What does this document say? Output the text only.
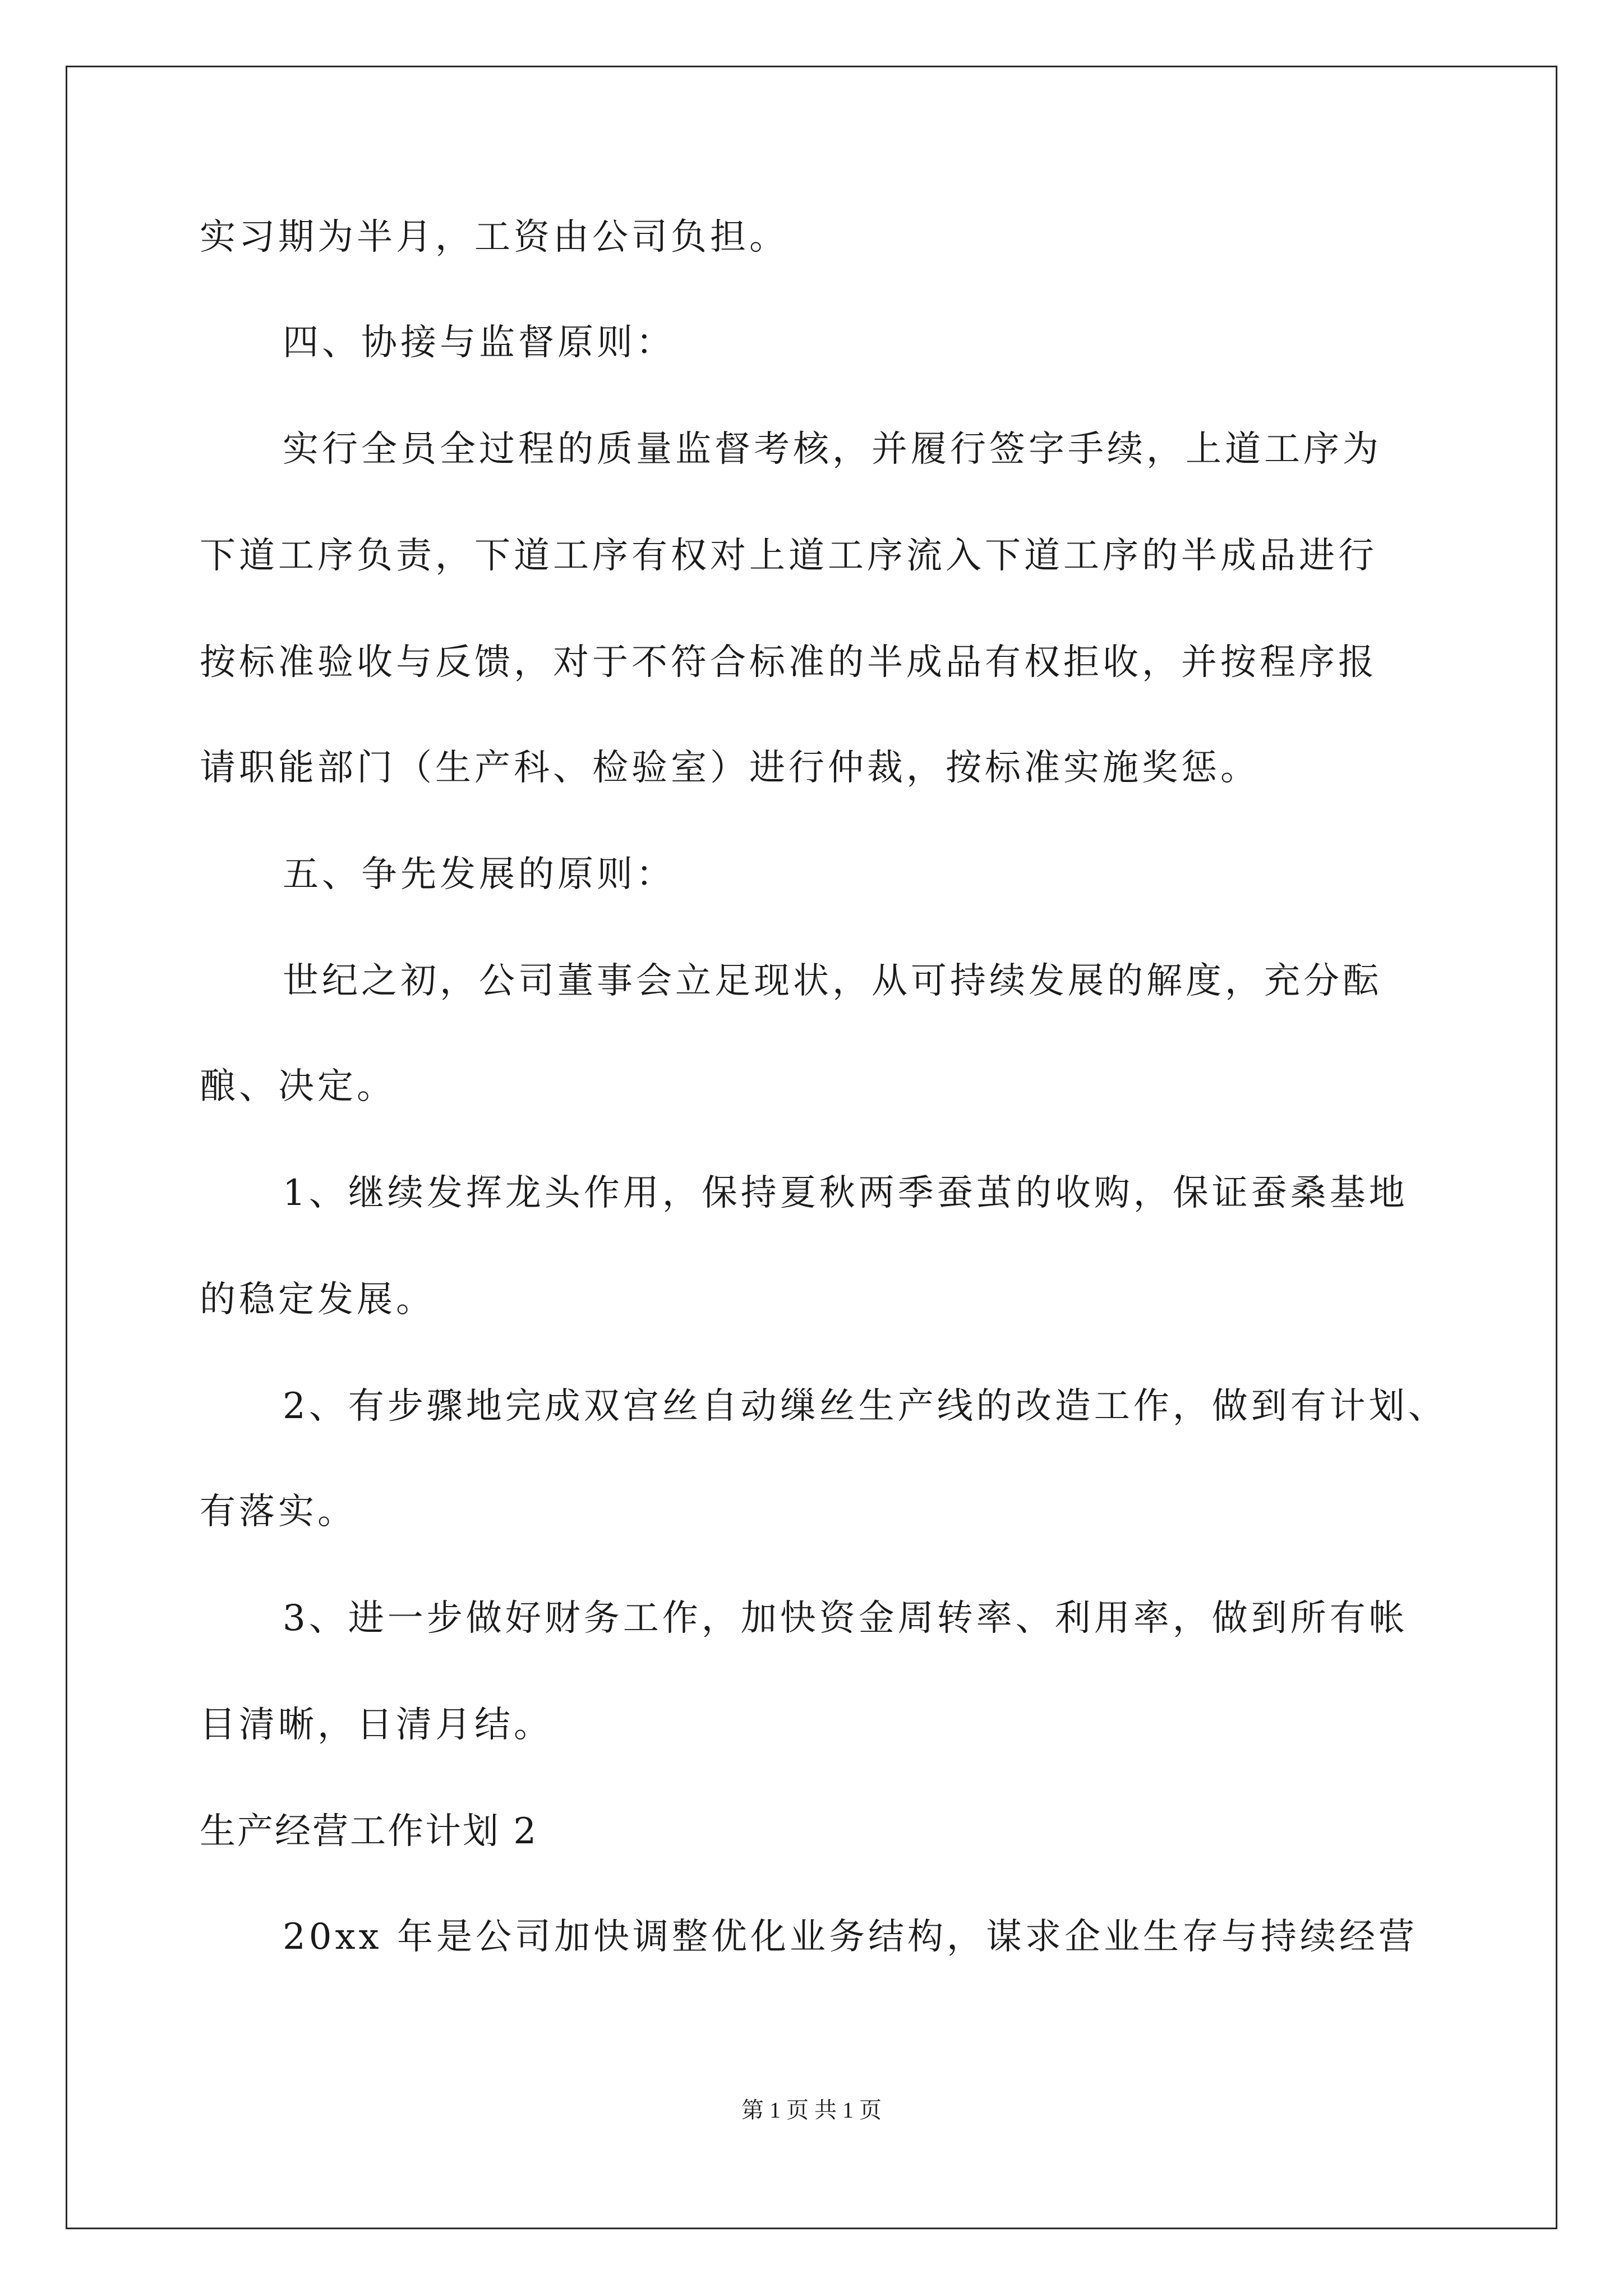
实习期为半月，工资由公司负担。
四、协接与监督原则：
实行全员全过程的质量监督考核，并履行签字手续，上道工序为
下道工序负责，下道工序有权对上道工序流入下道工序的半成品进行
按标准验收与反馈，对于不符合标准的半成品有权拒收，并按程序报
请职能部门（生产科、检验室）进行仲裁，按标准实施奖惩。
五、争先发展的原则：
世纪之初，公司董事会立足现状，从可持续发展的解度，充分酝
酿、决定。
1、继续发挥龙头作用，保持夏秋两季蚕茧的收购，保证蚕桑基地
的稳定发展。
2、有步骤地完成双宫丝自动缫丝生产线的改造工作，做到有计划、
有落实。
3、进一步做好财务工作，加快资金周转率、利用率，做到所有帐
目清晰，日清月结。
生产经营工作计划 2
20xx 年是公司加快调整优化业务结构，谋求企业生存与持续经营
第 1 页 共 1 页
